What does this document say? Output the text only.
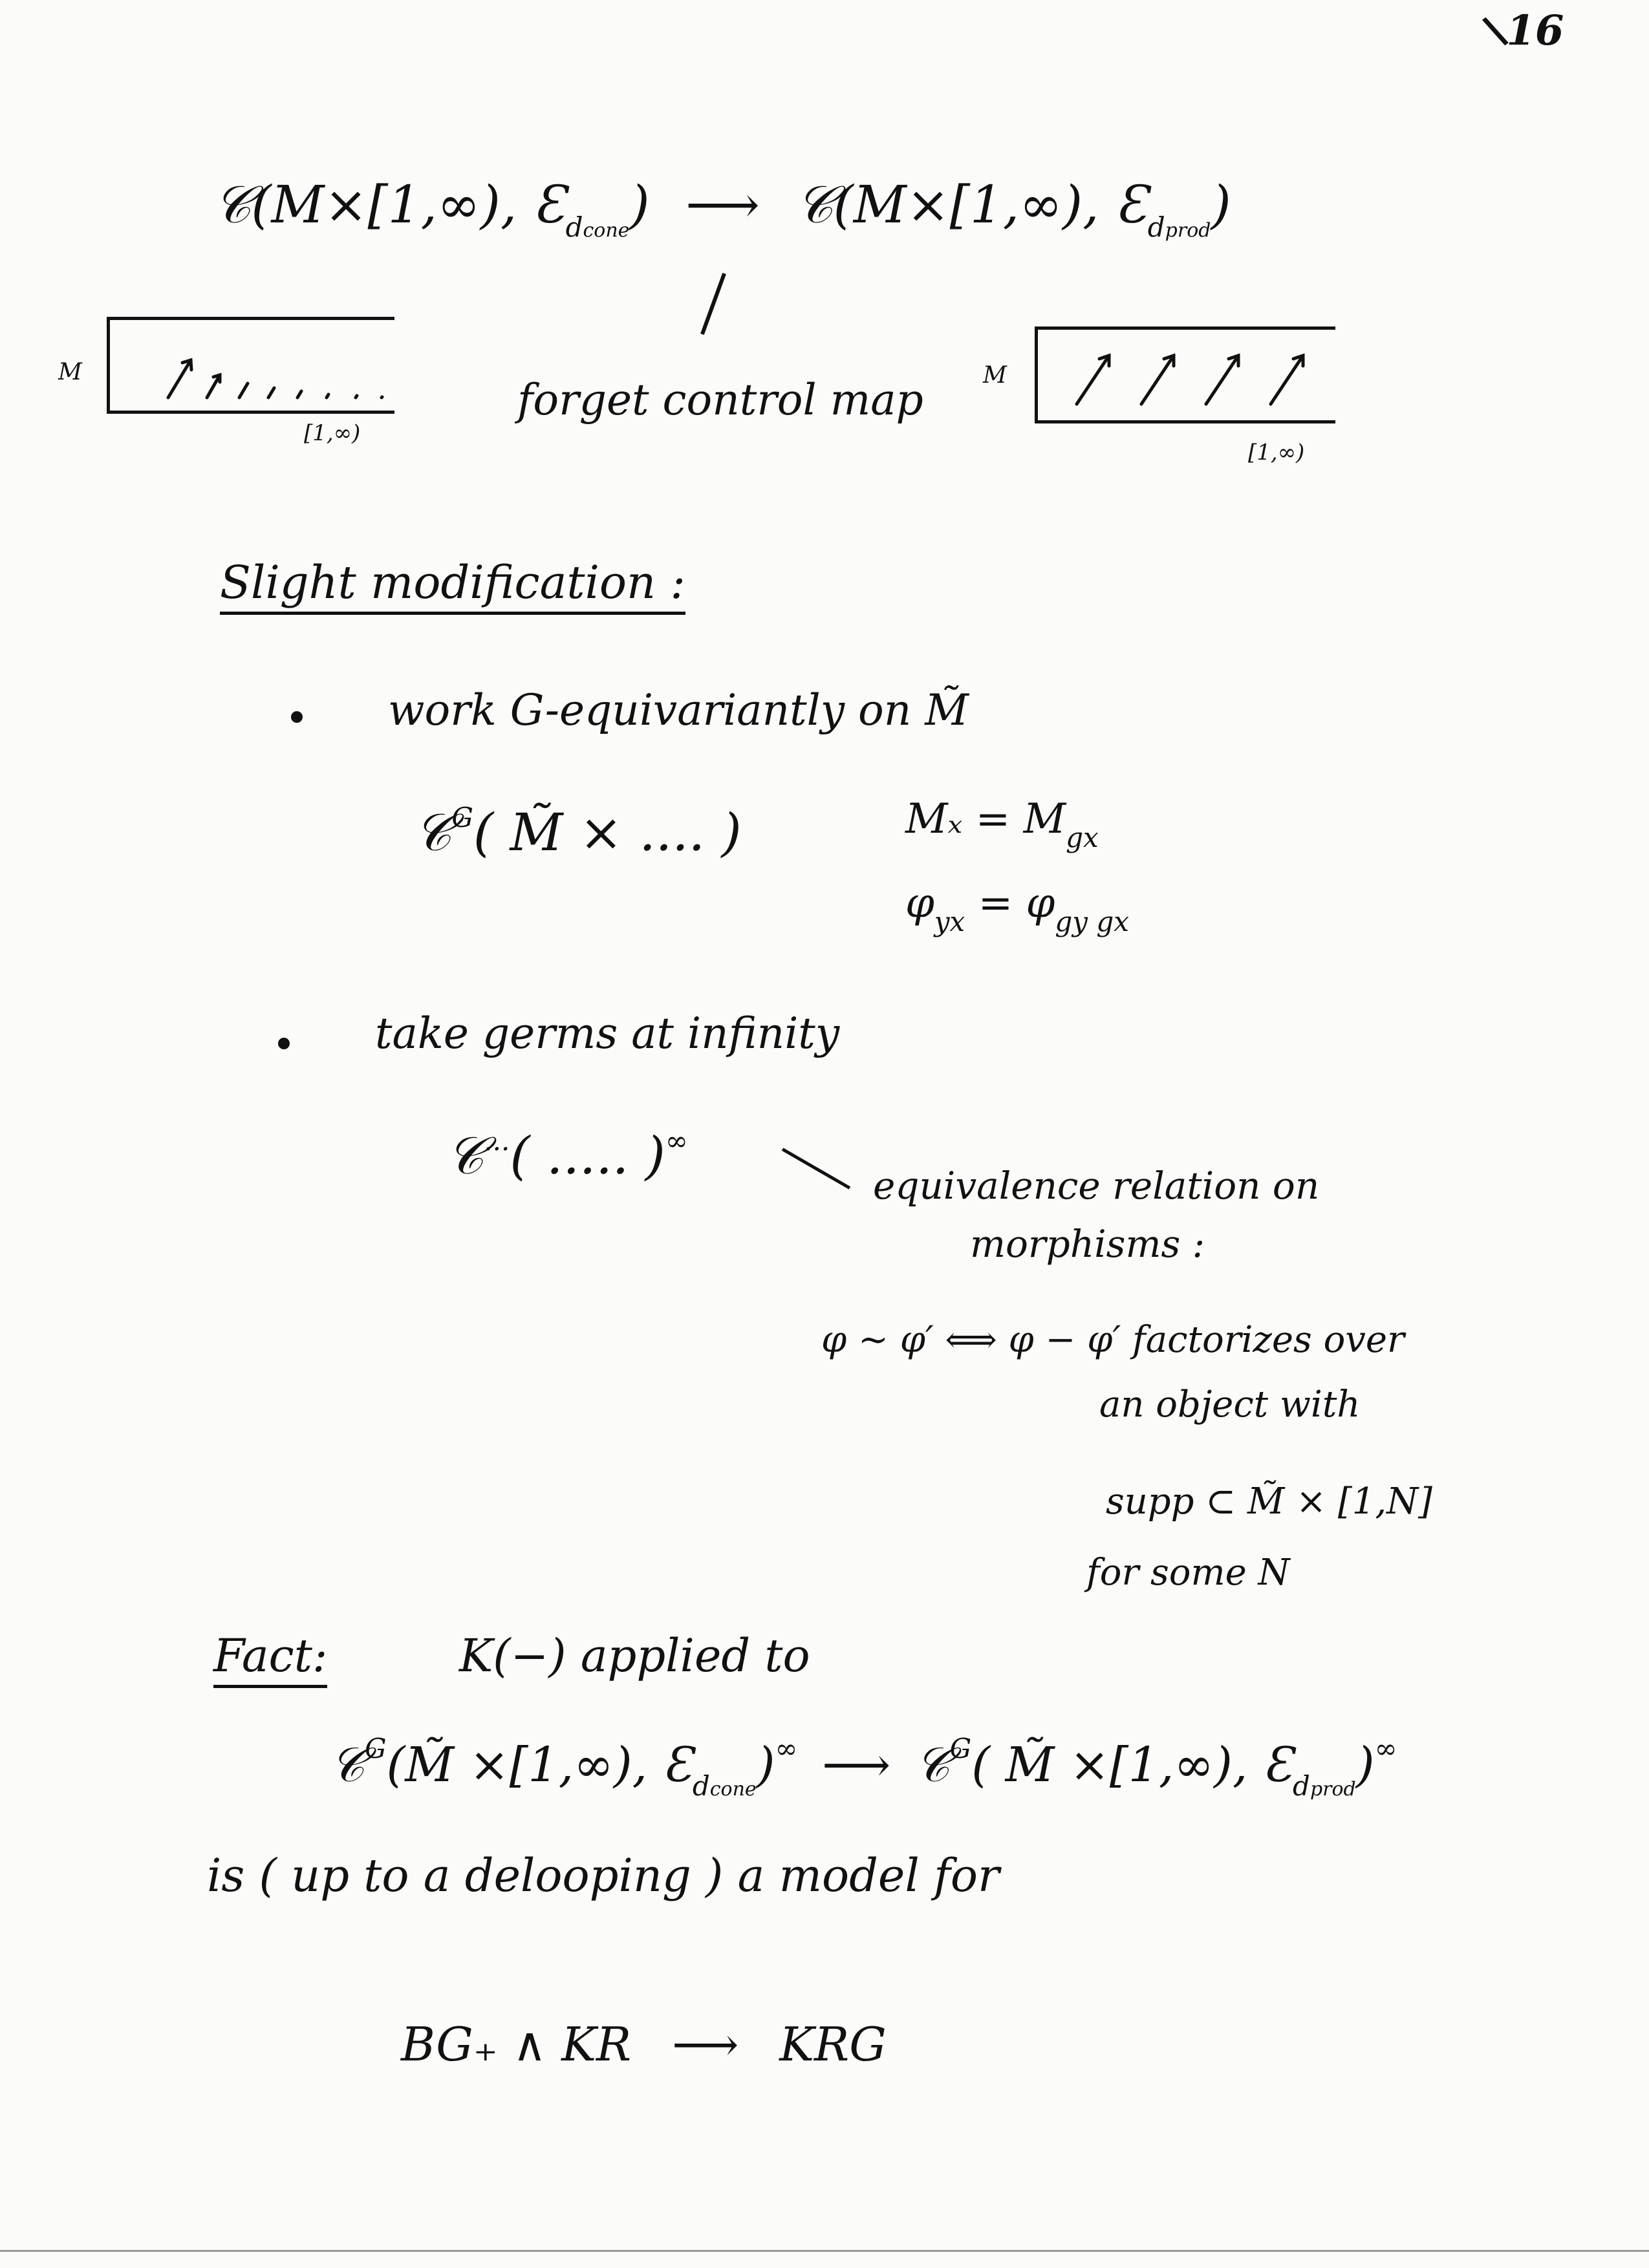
\16
𝒞(M×[1,∞), $Ɛ_{dcone}$) ⟶ 𝒞(M×[1,∞), $Ɛ_{dprod}$)
M
[1,∞)
forget control map	M
[1,∞)
Slight modification :
work G-equivariantly on M̃
𝒞$^G$( M̃ × .... )	$M_x = M_{gx}$
$\varphi_{yx} = \varphi_{gy gx}$
take germs at infinity
𝒞...( ..... )∞
equivalence relation on
morphisms :
φ ~ φ′ ⟺ φ − φ′ factorizes over
an object with
supp ⊂ M̃ × [1,N]
for some N
Fact:	K(−) applied to
𝒞$^G$(M̃ ×[1,∞), $Ɛ_{dcone})^\infty$ ⟶ 𝒞$^G$( M̃ ×[1,∞), $Ɛ_{dprod})^\infty$
is ( up to a delooping ) a model for
BG₊ ∧ KR ⟶ KRG
